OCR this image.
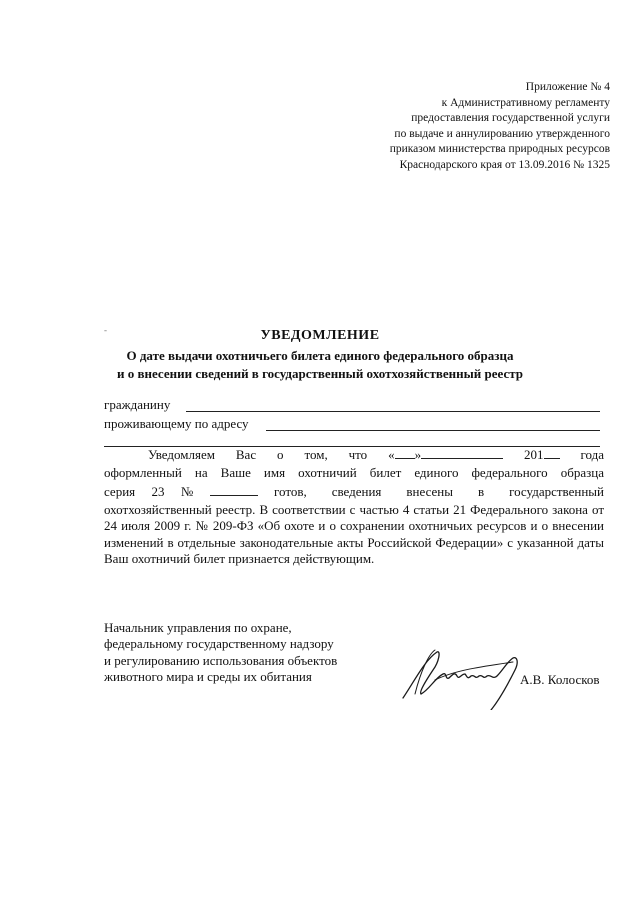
Приложение № 4
к Административному регламенту
предоставления государственной услуги
по выдаче и аннулированию утвержденного
приказом министерства природных ресурсов
Краснодарского края от 13.09.2016 № 1325
-	УВЕДОМЛЕНИЕ
О дате выдачи охотничьего билета единого федерального образца
и о внесении сведений в государственный охотхозяйственный реестр
гражданину
проживающему по адресу
Уведомляем Вас о том, что « »	201	года
оформленный на Ваше имя охотничий билет единого федерального образца
серия 23 №	готов, сведения внесены в государственный
охотхозяйственный реестр. В соответствии с частью 4 статьи 21 Федерального закона от 24 июля 2009 г. № 209-ФЗ «Об охоте и о сохранении охотничьих ресурсов и о внесении изменений в отдельные законодательные акты Российской Федерации» с указанной даты Ваш охотничий билет признается действующим.
Начальник управления по охране,
федеральному государственному надзору
и регулированию использования объектов
животного мира и среды их обитания	А.В. Колосков
